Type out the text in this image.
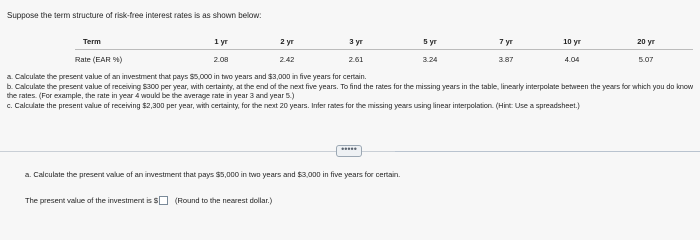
Suppose the term structure of risk-free interest rates is as shown below:
Term	1 yr	2 yr	3 yr	5 yr	7 yr	10 yr	20 yr
Rate (EAR %)	2.08	2.42	2.61	3.24	3.87	4.04	5.07

a. Calculate the present value of an investment that pays $5,000 in two years and $3,000 in five years for certain.

b. Calculate the present value of receiving $300 per year, with certainty, at the end of the next five years. To find the rates for the missing years in the table, linearly interpolate between the years for which you do know the rates. (For example, the rate in year 4 would be the average rate in year 3 and year 5.)

c. Calculate the present value of receiving $2,300 per year, with certainty, for the next 20 years. Infer rates for the missing years using linear interpolation. (Hint: Use a spreadsheet.)

•••••
a. Calculate the present value of an investment that pays $5,000 in two years and $3,000 in five years for certain.
The present value of the investment is $ (Round to the nearest dollar.)
